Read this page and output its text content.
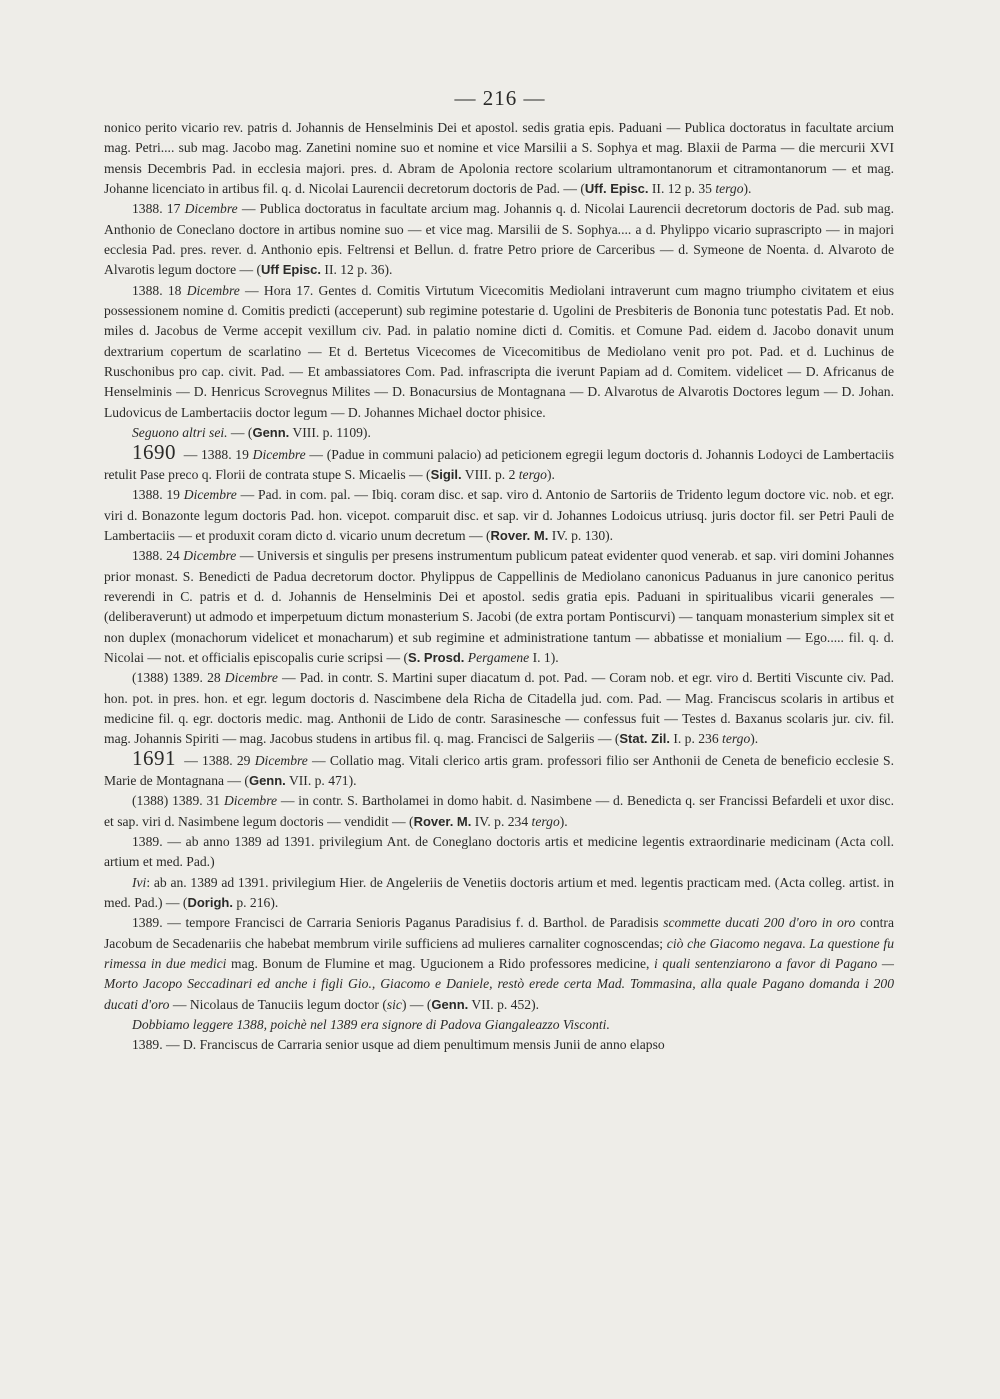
— 216 —

nonico perito vicario rev. patris d. Johannis de Henselminis Dei et apostol. sedis gratia epis. Paduani — Publica doctoratus in facultate arcium mag. Petri.... sub mag. Jacobo mag. Zanetini nomine suo et nomine et vice Marsilii a S. Sophya et mag. Blaxii de Parma — die mercurii XVI mensis Decembris Pad. in ecclesia majori. pres. d. Abram de Apolonia rectore scolarium ultramontanorum et citramontanorum — et mag. Johanne licenciato in artibus fil. q. d. Nicolai Laurencii decretorum doctoris de Pad. — (Uff. Episc. II. 12 p. 35 tergo).

1388. 17 Dicembre — Publica doctoratus in facultate arcium mag. Johannis q. d. Nicolai Laurencii decretorum doctoris de Pad. sub mag. Anthonio de Coneclano doctore in artibus nomine suo — et vice mag. Marsilii de S. Sophya.... a d. Phylippo vicario suprascripto — in majori ecclesia Pad. pres. rever. d. Anthonio epis. Feltrensi et Bellun. d. fratre Petro priore de Carceribus — d. Symeone de Noenta. d. Alvaroto de Alvarotis legum doctore — (Uff Episc. II. 12 p. 36).

1388. 18 Dicembre — Hora 17. Gentes d. Comitis Virtutum Vicecomitis Mediolani intraverunt cum magno triumpho civitatem et eius possessionem nomine d. Comitis predicti (acceperunt) sub regimine potestarie d. Ugolini de Presbiteris de Bononia tunc potestatis Pad. Et nob. miles d. Jacobus de Verme accepit vexillum civ. Pad. in palatio nomine dicti d. Comitis. et Comune Pad. eidem d. Jacobo donavit unum dextrarium copertum de scarlatino — Et d. Bertetus Vicecomes de Vicecomitibus de Mediolano venit pro pot. Pad. et d. Luchinus de Ruschonibus pro cap. civit. Pad. — Et ambassiatores Com. Pad. infrascripta die iverunt Papiam ad d. Comitem. videlicet — D. Africanus de Henselminis — D. Henricus Scrovegnus Milites — D. Bonacursius de Montagnana — D. Alvarotus de Alvarotis Doctores legum — D. Johan. Ludovicus de Lambertaciis doctor legum — D. Johannes Michael doctor phisice.

Seguono altri sei. — (Genn. VIII. p. 1109).

1690 — 1388. 19 Dicembre — (Padue in communi palacio) ad peticionem egregii legum doctoris d. Johannis Lodoyci de Lambertaciis retulit Pase preco q. Florii de contrata stupe S. Micaelis — (Sigil. VIII. p. 2 tergo).

1388. 19 Dicembre — Pad. in com. pal. — Ibiq. coram disc. et sap. viro d. Antonio de Sartoriis de Tridento legum doctore vic. nob. et egr. viri d. Bonazonte legum doctoris Pad. hon. vicepot. comparuit disc. et sap. vir d. Johannes Lodoicus utriusq. juris doctor fil. ser Petri Pauli de Lambertaciis — et produxit coram dicto d. vicario unum decretum — (Rover. M. IV. p. 130).

1388. 24 Dicembre — Universis et singulis per presens instrumentum publicum pateat evidenter quod venerab. et sap. viri domini Johannes prior monast. S. Benedicti de Padua decretorum doctor. Phylippus de Cappellinis de Mediolano canonicus Paduanus in jure canonico peritus reverendi in C. patris et d. d. Johannis de Henselminis Dei et apostol. sedis gratia epis. Paduani in spiritualibus vicarii generales — (deliberaverunt) ut admodo et imperpetuum dictum monasterium S. Jacobi (de extra portam Pontiscurvi) — tanquam monasterium simplex sit et non duplex (monachorum videlicet et monacharum) et sub regimine et administratione tantum — abbatisse et monialium — Ego..... fil. q. d. Nicolai — not. et officialis episcopalis curie scripsi — (S. Prosd. Pergamene I. 1).

(1388) 1389. 28 Dicembre — Pad. in contr. S. Martini super diacatum d. pot. Pad. — Coram nob. et egr. viro d. Bertiti Viscunte civ. Pad. hon. pot. in pres. hon. et egr. legum doctoris d. Nascimbene dela Richa de Citadella jud. com. Pad. — Mag. Franciscus scolaris in artibus et medicine fil. q. egr. doctoris medic. mag. Anthonii de Lido de contr. Sarasinesche — confessus fuit — Testes d. Baxanus scolaris jur. civ. fil. mag. Johannis Spiriti — mag. Jacobus studens in artibus fil. q. mag. Francisci de Salgeriis — (Stat. Zil. I. p. 236 tergo).

1691 — 1388. 29 Dicembre — Collatio mag. Vitali clerico artis gram. professori filio ser Anthonii de Ceneta de beneficio ecclesie S. Marie de Montagnana — (Genn. VII. p. 471).

(1388) 1389. 31 Dicembre — in contr. S. Bartholamei in domo habit. d. Nasimbene — d. Benedicta q. ser Francissi Befardeli et uxor disc. et sap. viri d. Nasimbene legum doctoris — vendidit — (Rover. M. IV. p. 234 tergo).

1389. — ab anno 1389 ad 1391. privilegium Ant. de Coneglano doctoris artis et medicine legentis extraordinarie medicinam (Acta coll. artium et med. Pad.)

Ivi: ab an. 1389 ad 1391. privilegium Hier. de Angeleriis de Venetiis doctoris artium et med. legentis practicam med. (Acta colleg. artist. in med. Pad.) — (Dorigh. p. 216).

1389. — tempore Francisci de Carraria Senioris Paganus Paradisius f. d. Barthol. de Paradisis scommette ducati 200 d'oro in oro contra Jacobum de Secadenariis che habebat membrum virile sufficiens ad mulieres carnaliter cognoscendas; ciò che Giacomo negava. La questione fu rimessa in due medici mag. Bonum de Flumine et mag. Ugucionem a Rido professores medicine, i quali sentenziarono a favor di Pagano — Morto Jacopo Seccadinari ed anche i figli Gio., Giacomo e Daniele, restò erede certa Mad. Tommasina, alla quale Pagano domanda i 200 ducati d'oro — Nicolaus de Tanuciis legum doctor (sic) — (Genn. VII. p. 452).

Dobbiamo leggere 1388, poichè nel 1389 era signore di Padova Giangaleazzo Visconti.

1389. — D. Franciscus de Carraria senior usque ad diem penultimum mensis Junii de anno elapso
